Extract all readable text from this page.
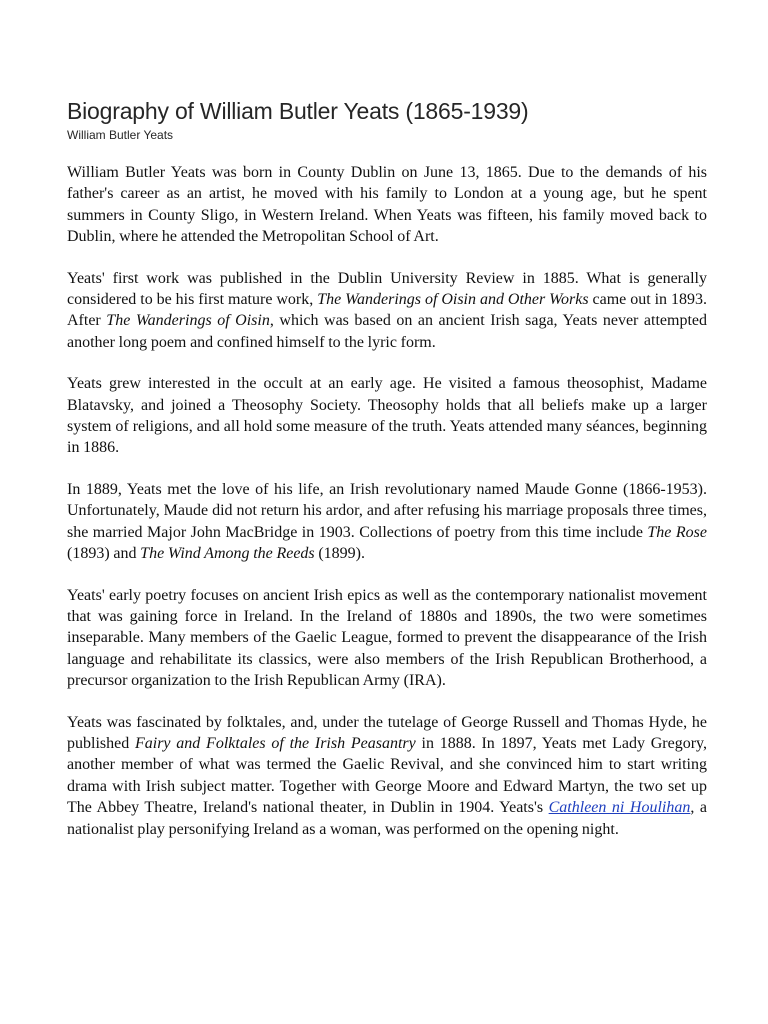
Biography of William Butler Yeats (1865-1939)
William Butler Yeats

William Butler Yeats was born in County Dublin on June 13, 1865. Due to the demands of his father's career as an artist, he moved with his family to London at a young age, but he spent summers in County Sligo, in Western Ireland. When Yeats was fifteen, his family moved back to Dublin, where he attended the Metropolitan School of Art.

Yeats' first work was published in the Dublin University Review in 1885. What is generally considered to be his first mature work, The Wanderings of Oisin and Other Works came out in 1893. After The Wanderings of Oisin, which was based on an ancient Irish saga, Yeats never attempted another long poem and confined himself to the lyric form.

Yeats grew interested in the occult at an early age. He visited a famous theosophist, Madame Blatavsky, and joined a Theosophy Society. Theosophy holds that all beliefs make up a larger system of religions, and all hold some measure of the truth. Yeats attended many séances, beginning in 1886.

In 1889, Yeats met the love of his life, an Irish revolutionary named Maude Gonne (1866-1953). Unfortunately, Maude did not return his ardor, and after refusing his marriage proposals three times, she married Major John MacBridge in 1903. Collections of poetry from this time include The Rose (1893) and The Wind Among the Reeds (1899).

Yeats' early poetry focuses on ancient Irish epics as well as the contemporary nationalist movement that was gaining force in Ireland. In the Ireland of 1880s and 1890s, the two were sometimes inseparable. Many members of the Gaelic League, formed to prevent the disappearance of the Irish language and rehabilitate its classics, were also members of the Irish Republican Brotherhood, a precursor organization to the Irish Republican Army (IRA).

Yeats was fascinated by folktales, and, under the tutelage of George Russell and Thomas Hyde, he published Fairy and Folktales of the Irish Peasantry in 1888. In 1897, Yeats met Lady Gregory, another member of what was termed the Gaelic Revival, and she convinced him to start writing drama with Irish subject matter. Together with George Moore and Edward Martyn, the two set up The Abbey Theatre, Ireland's national theater, in Dublin in 1904. Yeats's Cathleen ni Houlihan, a nationalist play personifying Ireland as a woman, was performed on the opening night.
